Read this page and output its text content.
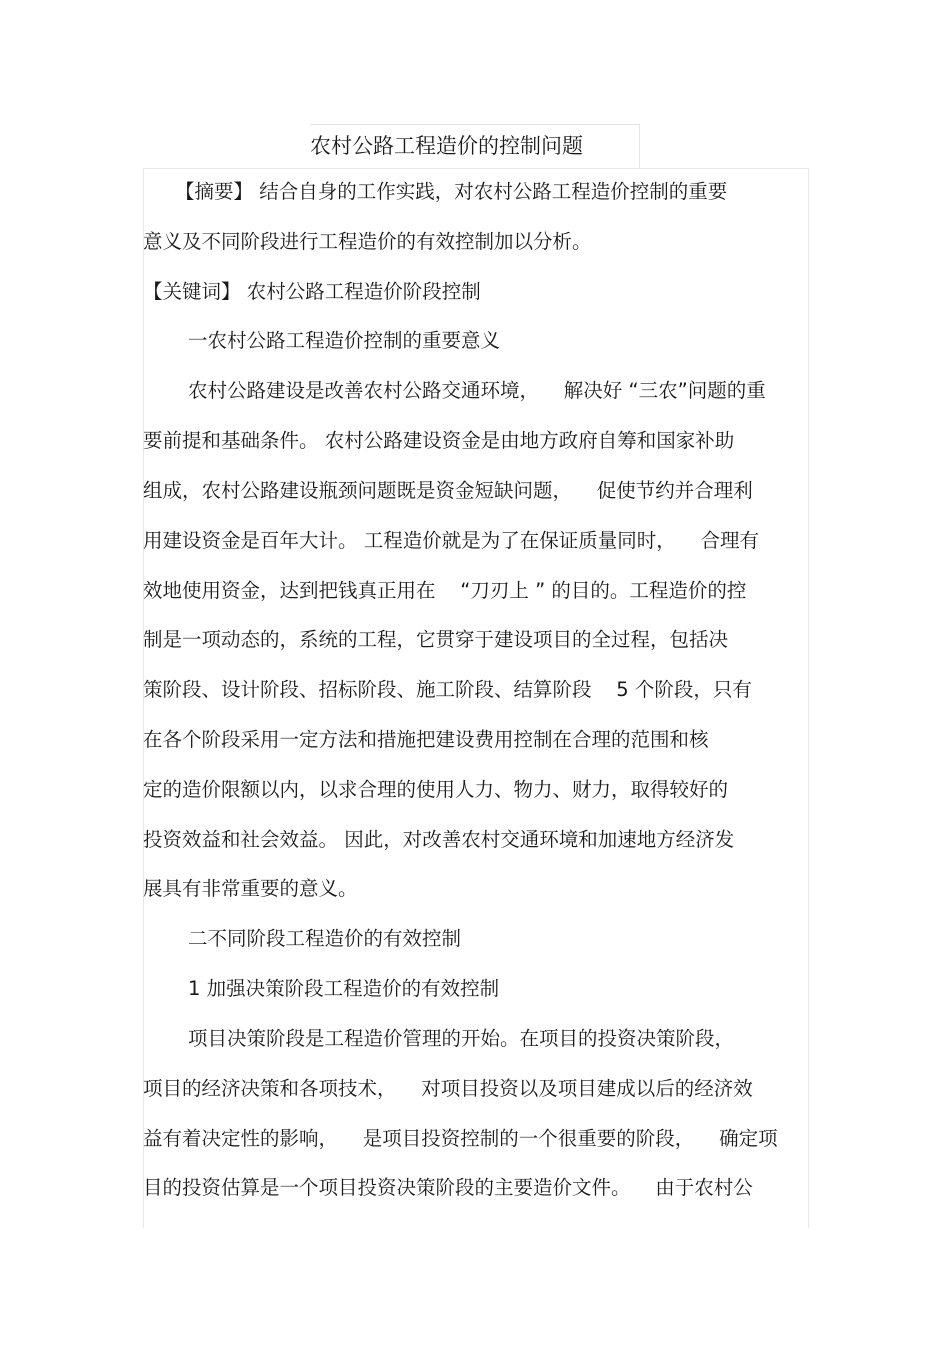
农村公路工程造价的控制问题
【摘要】 结合自身的工作实践，对农村公路工程造价控制的重要
意义及不同阶段进行工程造价的有效控制加以分析。
【关键词】 农村公路工程造价阶段控制
一农村公路工程造价控制的重要意义
农村公路建设是改善农村公路交通环境，    解决好 “三农”问题的重
要前提和基础条件。 农村公路建设资金是由地方政府自筹和国家补助
组成，农村公路建设瓶颈问题既是资金短缺问题，    促使节约并合理利
用建设资金是百年大计。 工程造价就是为了在保证质量同时，    合理有
效地使用资金，达到把钱真正用在    “刀刃上 ” 的目的。工程造价的控
制是一项动态的，系统的工程，它贯穿于建设项目的全过程，包括决
策阶段、设计阶段、招标阶段、施工阶段、结算阶段    5 个阶段，只有
在各个阶段采用一定方法和措施把建设费用控制在合理的范围和核
定的造价限额以内，以求合理的使用人力、物力、财力，取得较好的
投资效益和社会效益。 因此，对改善农村交通环境和加速地方经济发
展具有非常重要的意义。
二不同阶段工程造价的有效控制
1 加强决策阶段工程造价的有效控制
项目决策阶段是工程造价管理的开始。在项目的投资决策阶段，
项目的经济决策和各项技术，    对项目投资以及项目建成以后的经济效
益有着决定性的影响，    是项目投资控制的一个很重要的阶段，    确定项
目的投资估算是一个项目投资决策阶段的主要造价文件。    由于农村公
